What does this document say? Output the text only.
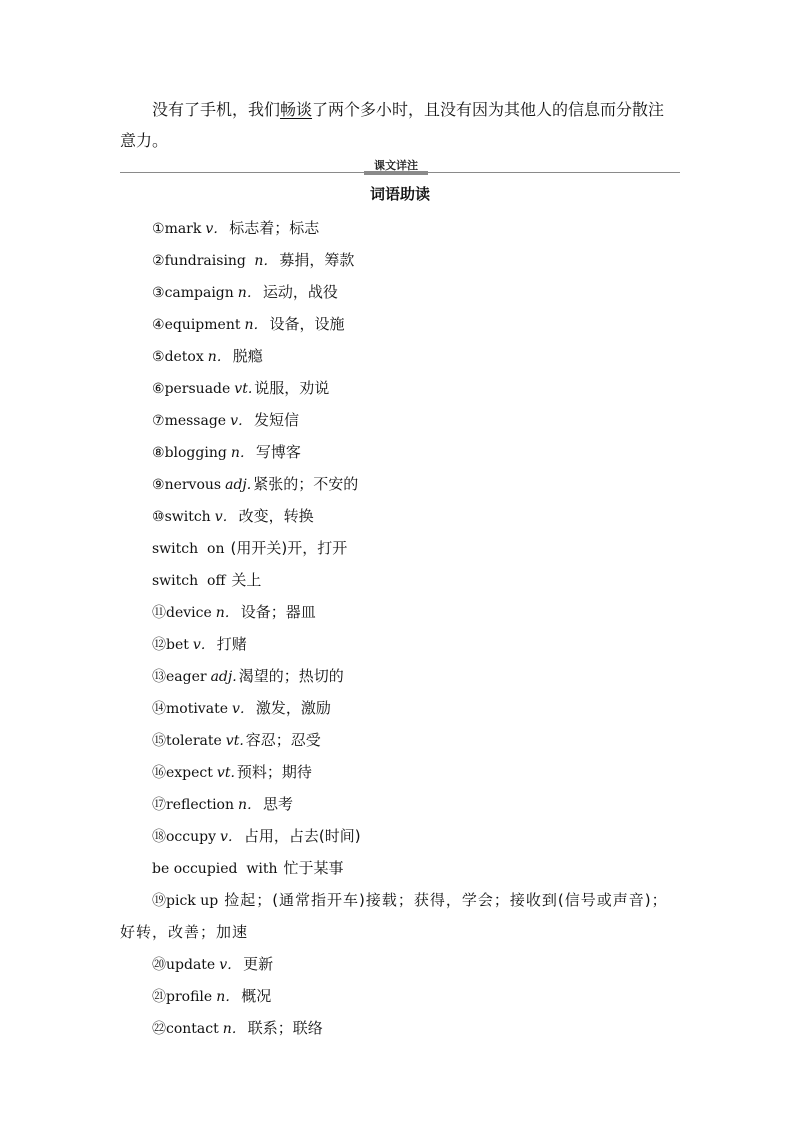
没有了手机，我们畅谈了两个多小时，且没有因为其他人的信息而分散注意力。

课文详注
词语助读
①mark v． 标志着；标志
②fundraising n． 募捐，筹款
③campaign n． 运动，战役
④equipment n． 设备，设施
⑤detox n． 脱瘾
⑥persuade vt. 说服，劝说
⑦message v． 发短信
⑧blogging n． 写博客
⑨nervous adj. 紧张的；不安的
⑩switch v． 改变，转换
switch  on (用开关)开，打开
switch  off 关上
⑪device n． 设备；器皿
⑫bet v． 打赌
⑬eager adj. 渴望的；热切的
⑭motivate v． 激发，激励
⑮tolerate vt. 容忍；忍受
⑯expect vt. 预料；期待
⑰reflection n． 思考
⑱occupy v． 占用，占去(时间)
be occupied  with 忙于某事
⑲pick up 捡起；(通常指开车)接载；获得，学会；接收到(信号或声音)；好转，改善；加速
⑳update v． 更新
㉑profile n． 概况
㉒contact n． 联系；联络
